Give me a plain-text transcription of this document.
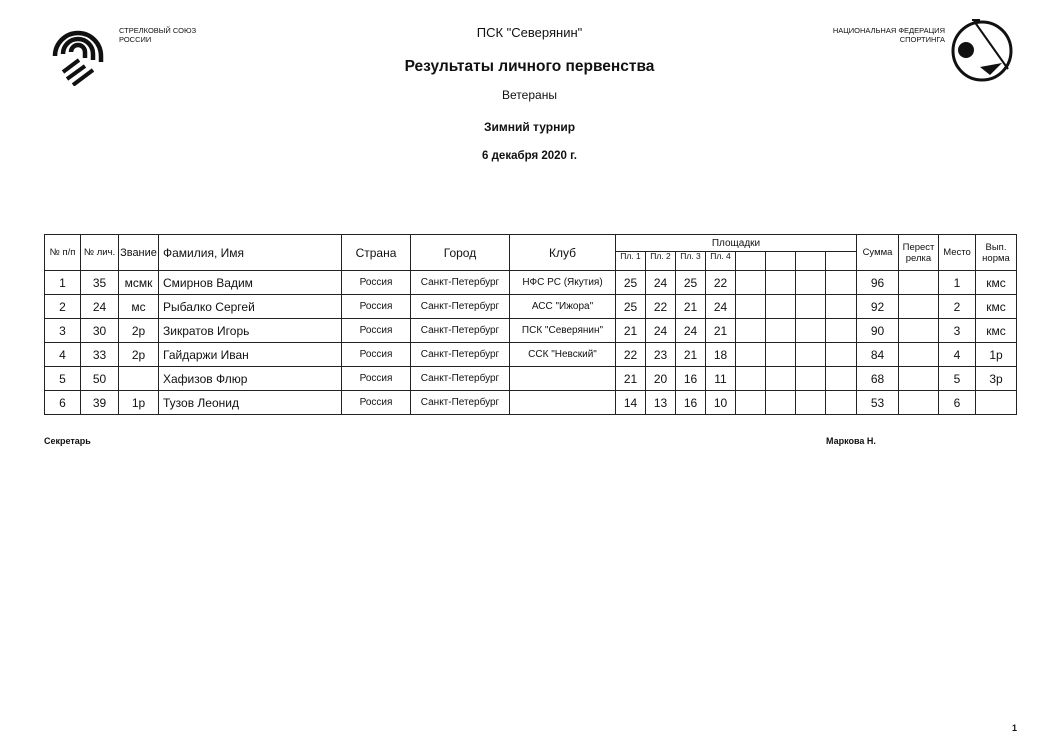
СТРЕЛКОВЫЙ СОЮЗ
РОССИИ
НАЦИОНАЛЬНАЯ ФЕДЕРАЦИЯ
СПОРТИНГА
ПСК "Северянин"
Результаты личного первенства
Ветераны
Зимний турнир
6 декабря 2020 г.
№ п/п	№ лич.	Звание	Фамилия, Имя	Страна	Город	Клуб	Площадки								Сумма	Перест релка	Место	Вып. норма
							Пл. 1	Пл. 2	Пл. 3	Пл. 4								
1	35	мсмк	Смирнов Вадим	Россия	Санкт-Петербург	НФС РС (Якутия)	25	24	25	22					96		1	кмс
2	24	мс	Рыбалко Сергей	Россия	Санкт-Петербург	АСС "Ижора"	25	22	21	24					92		2	кмс
3	30	2р	Зикратов Игорь	Россия	Санкт-Петербург	ПСК "Северянин"	21	24	24	21					90		3	кмс
4	33	2р	Гайдаржи Иван	Россия	Санкт-Петербург	ССК "Невский"	22	23	21	18					84		4	1р
5	50		Хафизов Флюр	Россия	Санкт-Петербург		21	20	16	11					68		5	3р
6	39	1р	Тузов Леонид	Россия	Санкт-Петербург		14	13	16	10					53		6	
Секретарь	Маркова Н.
1
